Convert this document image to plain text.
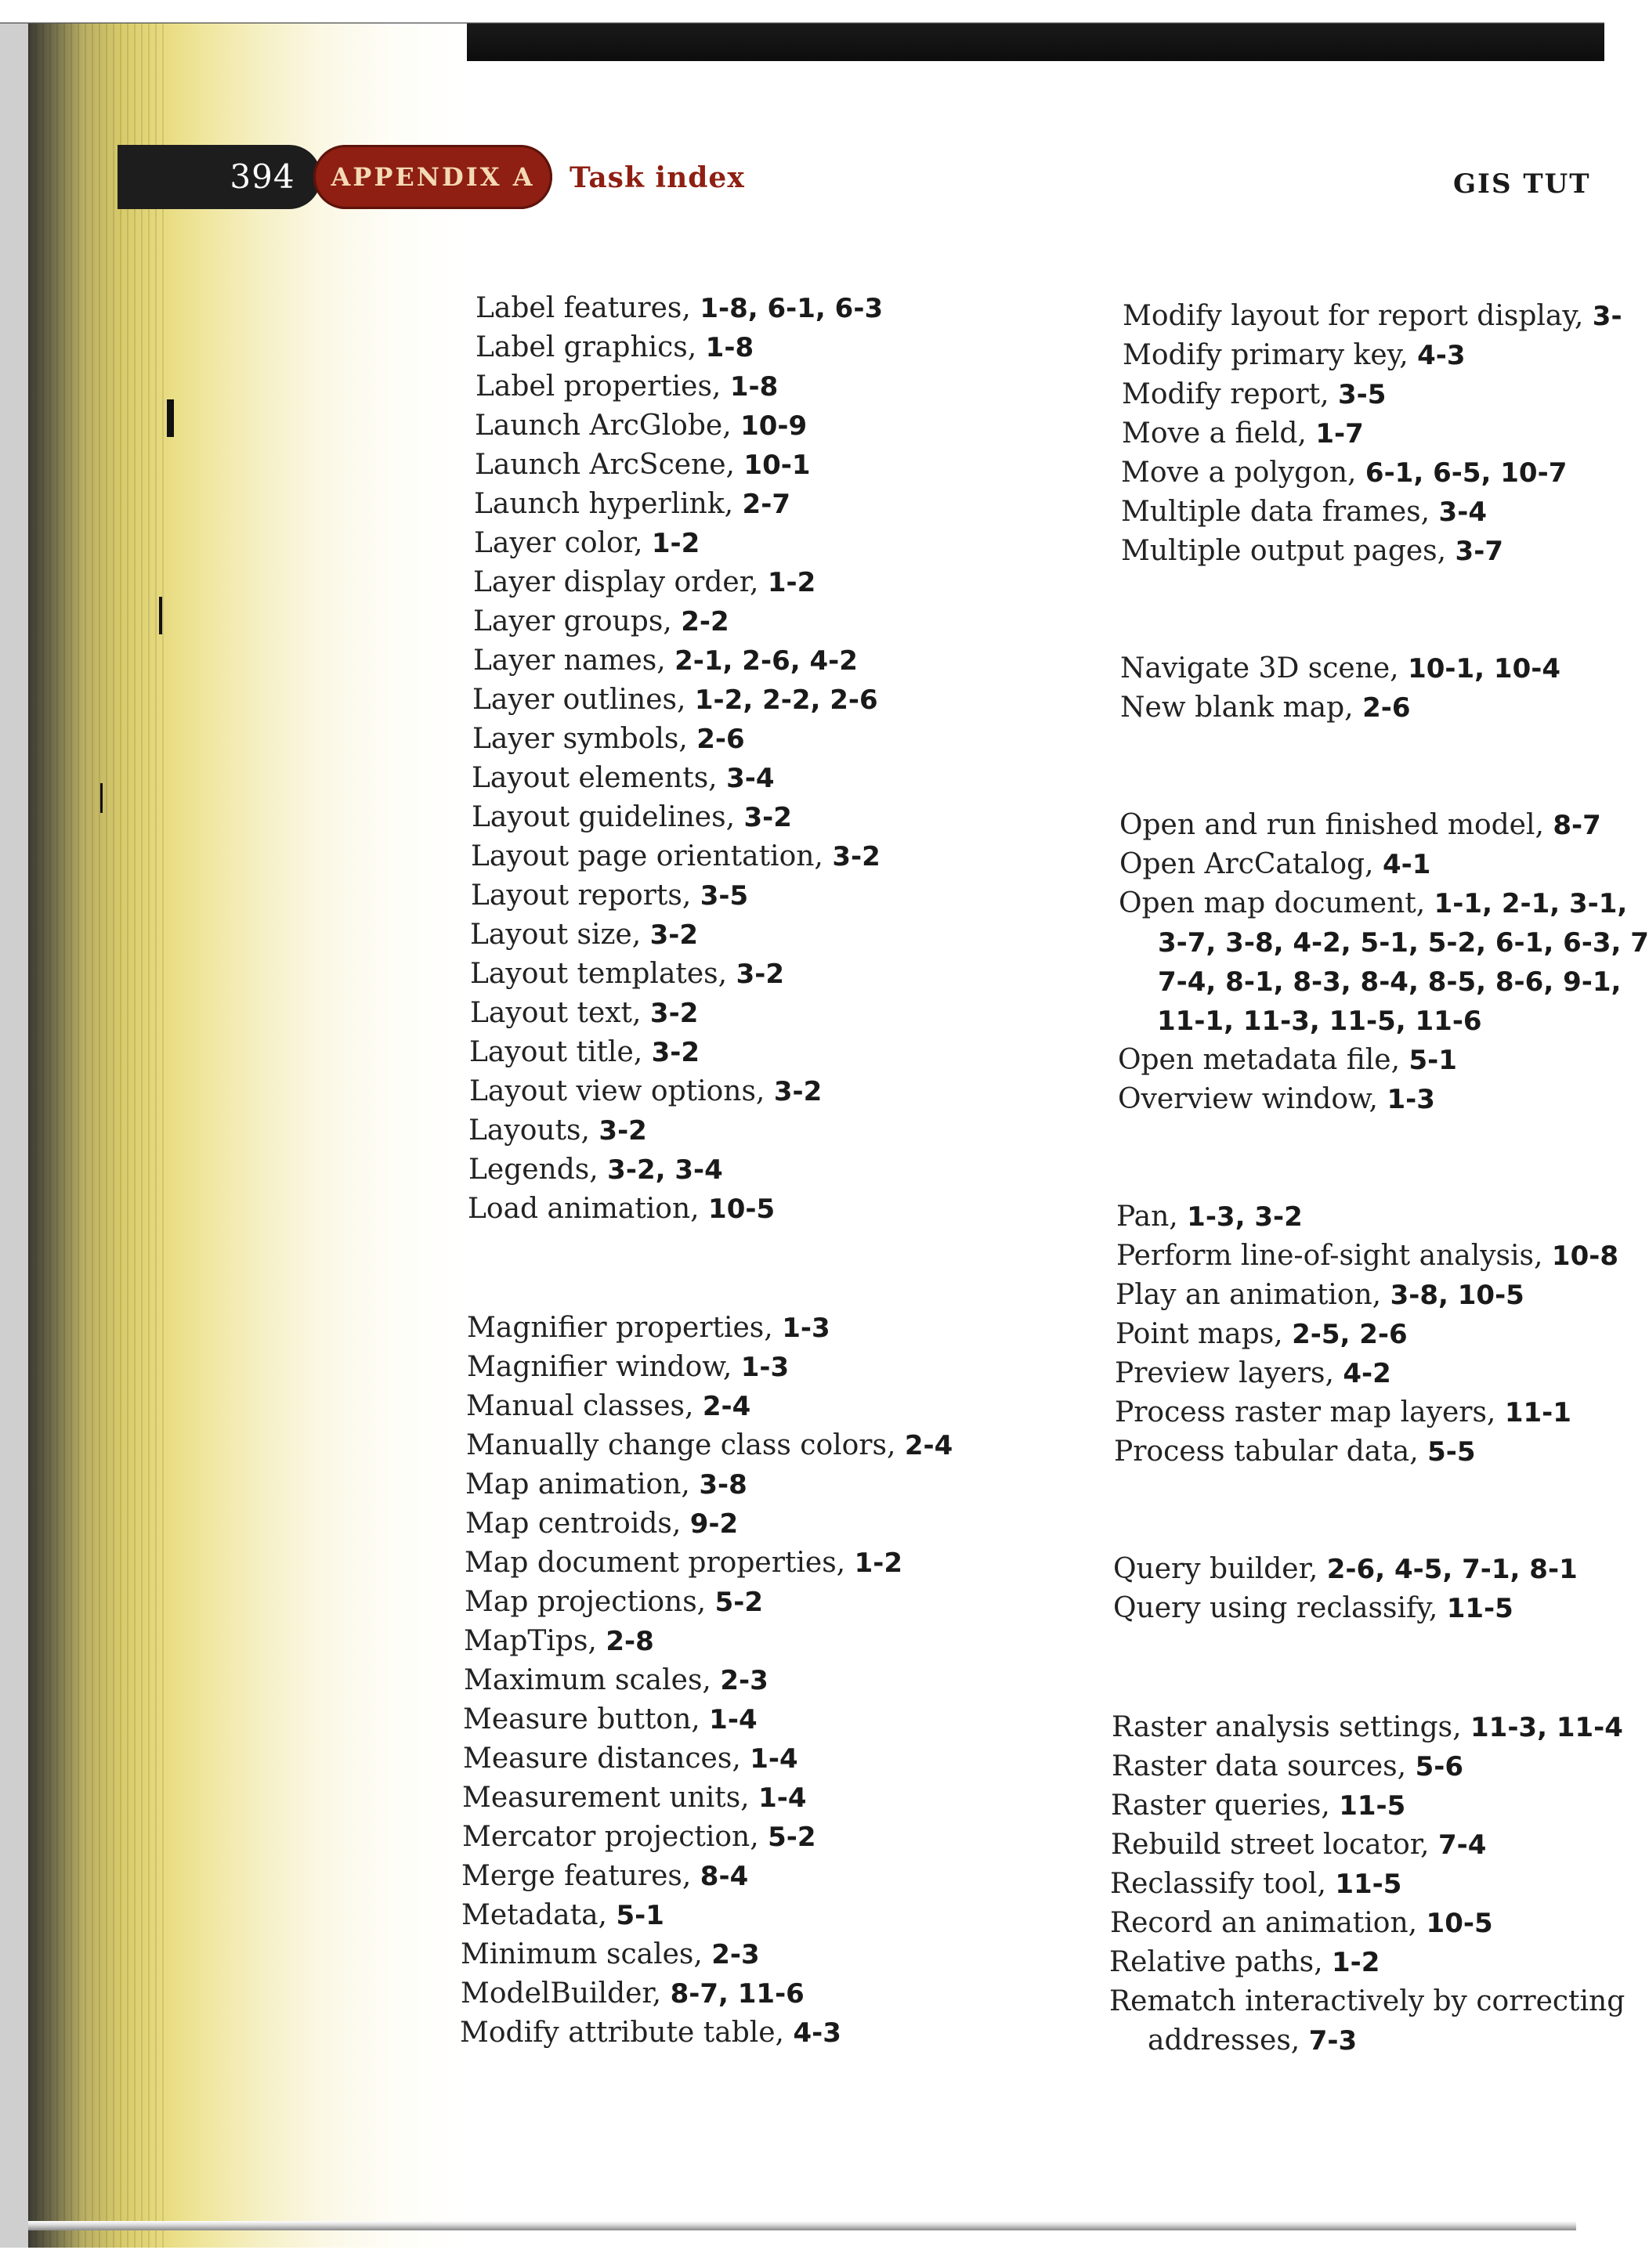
394	APPENDIX A	Task index	GIS TUT
Label features, 1-8, 6-1, 6-3
Label graphics, 1-8
Label properties, 1-8
Launch ArcGlobe, 10-9
Launch ArcScene, 10-1
Launch hyperlink, 2-7
Layer color, 1-2
Layer display order, 1-2
Layer groups, 2-2
Layer names, 2-1, 2-6, 4-2
Layer outlines, 1-2, 2-2, 2-6
Layer symbols, 2-6
Layout elements, 3-4
Layout guidelines, 3-2
Layout page orientation, 3-2
Layout reports, 3-5
Layout size, 3-2
Layout templates, 3-2
Layout text, 3-2
Layout title, 3-2
Layout view options, 3-2
Layouts, 3-2
Legends, 3-2, 3-4
Load animation, 10-5
Magnifier properties, 1-3
Magnifier window, 1-3
Manual classes, 2-4
Manually change class colors, 2-4
Map animation, 3-8
Map centroids, 9-2
Map document properties, 1-2
Map projections, 5-2
MapTips, 2-8
Maximum scales, 2-3
Measure button, 1-4
Measure distances, 1-4
Measurement units, 1-4
Mercator projection, 5-2
Merge features, 8-4
Metadata, 5-1
Minimum scales, 2-3
ModelBuilder, 8-7, 11-6
Modify attribute table, 4-3
Modify layout for report display, 3-
Modify primary key, 4-3
Modify report, 3-5
Move a field, 1-7
Move a polygon, 6-1, 6-5, 10-7
Multiple data frames, 3-4
Multiple output pages, 3-7
Navigate 3D scene, 10-1, 10-4
New blank map, 2-6
Open and run finished model, 8-7
Open ArcCatalog, 4-1
Open map document, 1-1, 2-1, 3-1,
3-7, 3-8, 4-2, 5-1, 5-2, 6-1, 6-3, 7
7-4, 8-1, 8-3, 8-4, 8-5, 8-6, 9-1,
11-1, 11-3, 11-5, 11-6
Open metadata file, 5-1
Overview window, 1-3
Pan, 1-3, 3-2
Perform line-of-sight analysis, 10-8
Play an animation, 3-8, 10-5
Point maps, 2-5, 2-6
Preview layers, 4-2
Process raster map layers, 11-1
Process tabular data, 5-5
Query builder, 2-6, 4-5, 7-1, 8-1
Query using reclassify, 11-5
Raster analysis settings, 11-3, 11-4
Raster data sources, 5-6
Raster queries, 11-5
Rebuild street locator, 7-4
Reclassify tool, 11-5
Record an animation, 10-5
Relative paths, 1-2
Rematch interactively by correcting
addresses, 7-3
